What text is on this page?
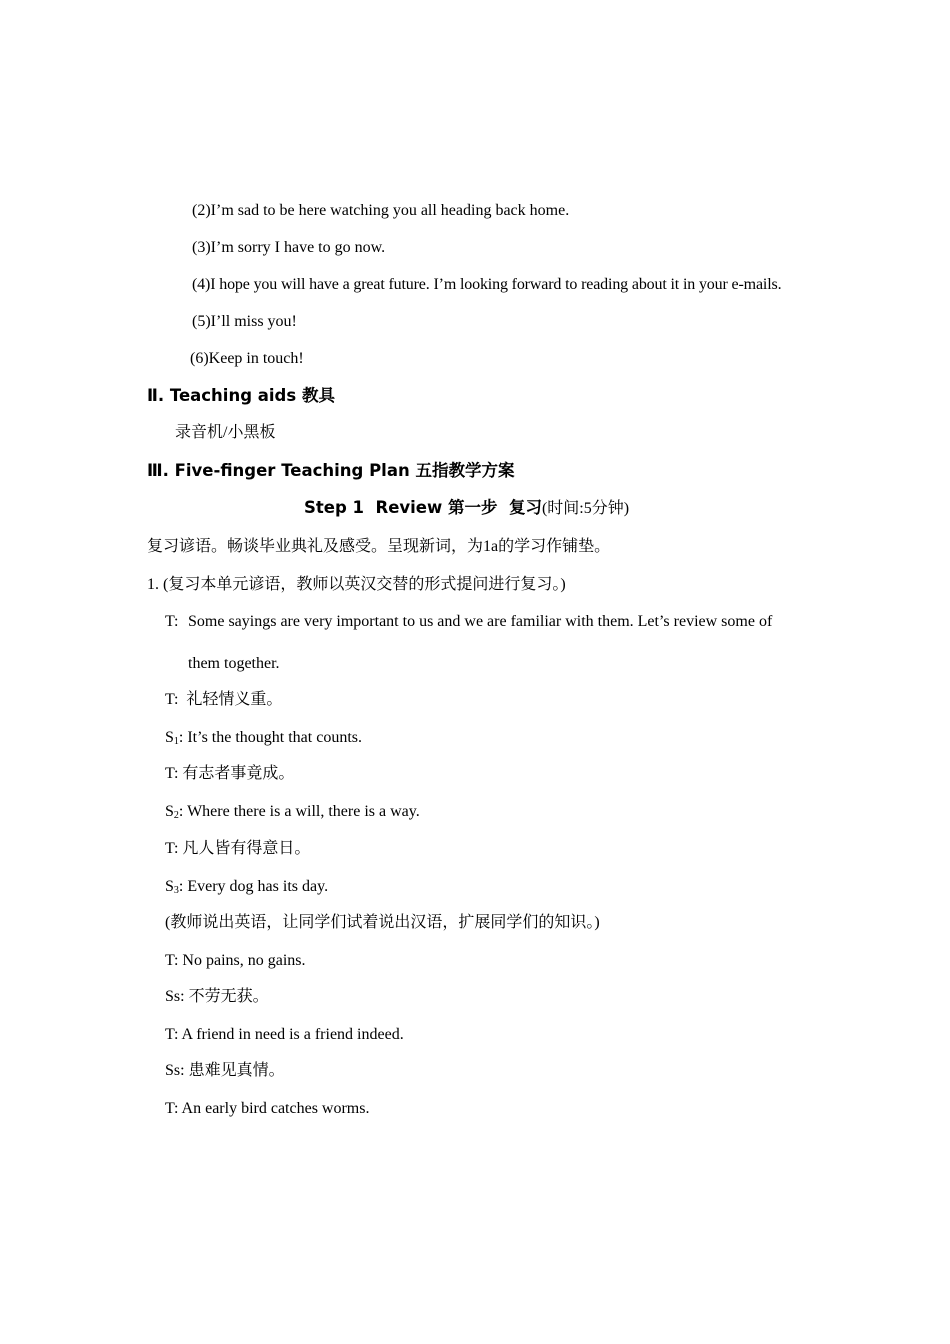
(2)I’m sad to be here watching you all heading back home.
(3)I’m sorry I have to go now.
(4)I hope you will have a great future. I’m looking forward to reading about it in your e-mails.
(5)I’ll miss you!
(6)Keep in touch!
Ⅱ. Teaching aids 教具
录音机/小黑板
Ⅲ. Five-finger Teaching Plan 五指教学方案
Step 1  Review 第一步  复习(时间:5分钟)
复习谚语。畅谈毕业典礼及感受。呈现新词，为1a的学习作铺垫。
1. (复习本单元谚语，教师以英汉交替的形式提问进行复习。)
T: Some sayings are very important to us and we are familiar with them. Let’s review some of
them together.
T:  礼轻情义重。
$S_1$: It’s the thought that counts.
T: 有志者事竟成。
$S_2$: Where there is a will, there is a way.
T: 凡人皆有得意日。
$S_3$: Every dog has its day.
(教师说出英语，让同学们试着说出汉语，扩展同学们的知识。)
T: No pains, no gains.
Ss: 不劳无获。
T: A friend in need is a friend indeed.
Ss: 患难见真情。
T: An early bird catches worms.
